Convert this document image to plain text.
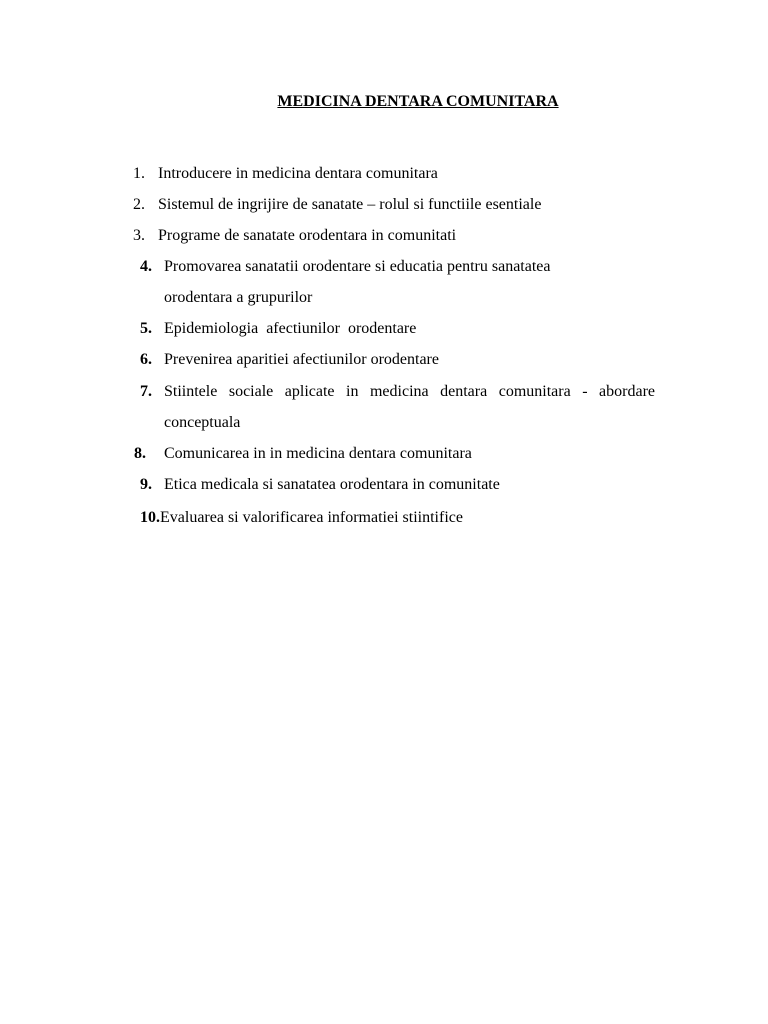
MEDICINA DENTARA COMUNITARA
1. Introducere in medicina dentara comunitara
2. Sistemul de ingrijire de sanatate – rolul si functiile esentiale
3. Programe de sanatate orodentara in comunitati
4. Promovarea sanatatii orodentare si educatia pentru sanatatea
orodentara a grupurilor
5. Epidemiologia  afectiunilor  orodentare
6. Prevenirea aparitiei afectiunilor orodentare
7. Stiintele sociale aplicate in medicina dentara comunitara - abordare
conceptuala
8. Comunicarea in in medicina dentara comunitara
9. Etica medicala si sanatatea orodentara in comunitate
10.Evaluarea si valorificarea informatiei stiintifice
